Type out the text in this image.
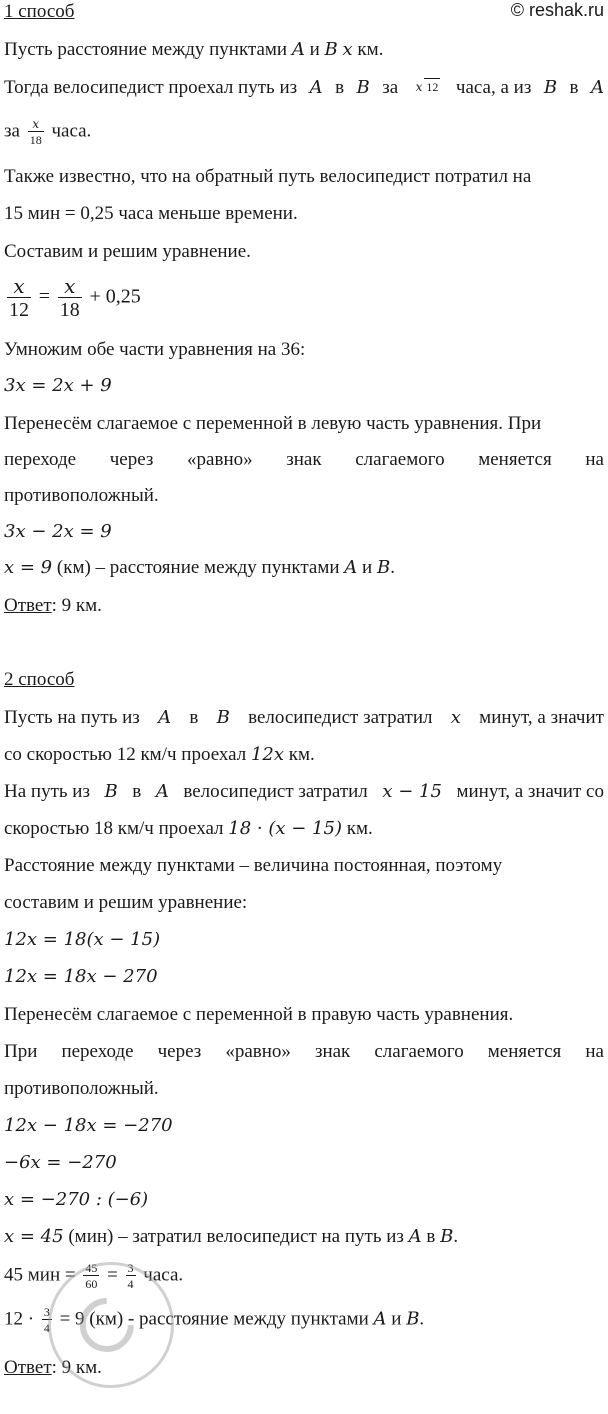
1 способ	© reshak.ru
Пусть расстояние между пунктами A и B x км.
Тогда велосипедист проехал путь из A в B за x 12 часа, а из B в A
за $\frac{x}{18}$ часа.
Также известно, что на обратный путь велосипедист потратил на
15 мин = 0,25 часа меньше времени.
Составим и решим уравнение.
$\frac{x}{12} = \frac{x}{18} + 0,25$
Умножим обе части уравнения на 36:
3x = 2x + 9
Перенесём слагаемое с переменной в левую часть уравнения. При
переходе через «равно» знак слагаемого меняется на
противоположный.
3x − 2x = 9
x = 9 (км) – расстояние между пунктами A и B.
Ответ: 9 км.
2 способ
Пусть на путь из A в B велосипедист затратил x минут, а значит
со скоростью 12 км/ч проехал 12x км.
На путь из B в A велосипедист затратил x − 15 минут, а значит со
скоростью 18 км/ч проехал 18 · (x − 15) км.
Расстояние между пунктами – величина постоянная, поэтому
составим и решим уравнение:
12x = 18(x − 15)
12x = 18x − 270
Перенесём слагаемое с переменной в правую часть уравнения.
При переходе через «равно» знак слагаемого меняется на
противоположный.
12x − 18x = −270
−6x = −270
x = −270 : (−6)
x = 45 (мин) – затратил велосипедист на путь из A в B.
45 мин = $\frac{45}{60} = \frac{3}{4}$ часа.
$12 \cdot \frac{3}{4} = 9$ (км) - расстояние между пунктами A и B.
Ответ: 9 км.
